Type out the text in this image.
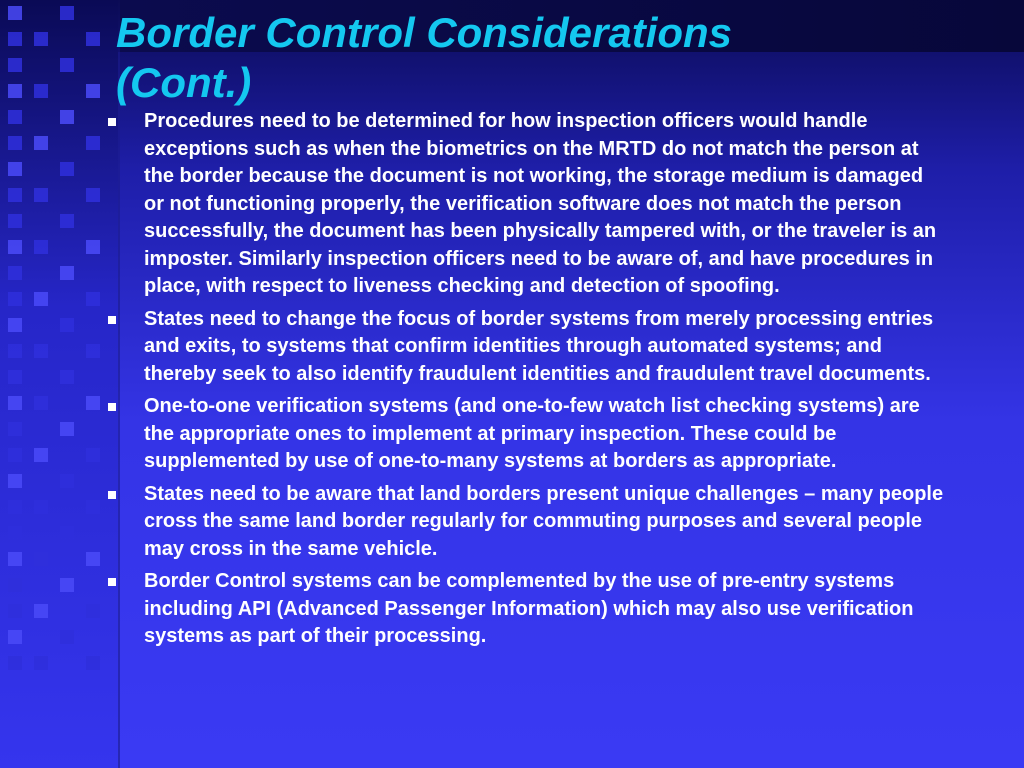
Border Control Considerations
(Cont.)
Procedures need to be determined for how inspection officers would handle exceptions such as when the biometrics on the MRTD do not match the person at the border because the document is not working, the storage medium is damaged or not functioning properly, the verification software does not match the person successfully, the document has been physically tampered with, or the traveler is an imposter. Similarly inspection officers need to be aware of, and have procedures in place, with respect to liveness checking and detection of spoofing.
States need to change the focus of border systems from merely processing entries and exits, to systems that confirm identities through automated systems; and thereby seek to also identify fraudulent identities and fraudulent travel documents.
One-to-one verification systems (and one-to-few watch list checking systems) are the appropriate ones to implement at primary inspection. These could be supplemented by use of one-to-many systems at borders as appropriate.
States need to be aware that land borders present unique challenges – many people cross the same land border regularly for commuting purposes and several people may cross in the same vehicle.
Border Control systems can be complemented by the use of pre-entry systems including API (Advanced Passenger Information) which may also use verification systems as part of their processing.
